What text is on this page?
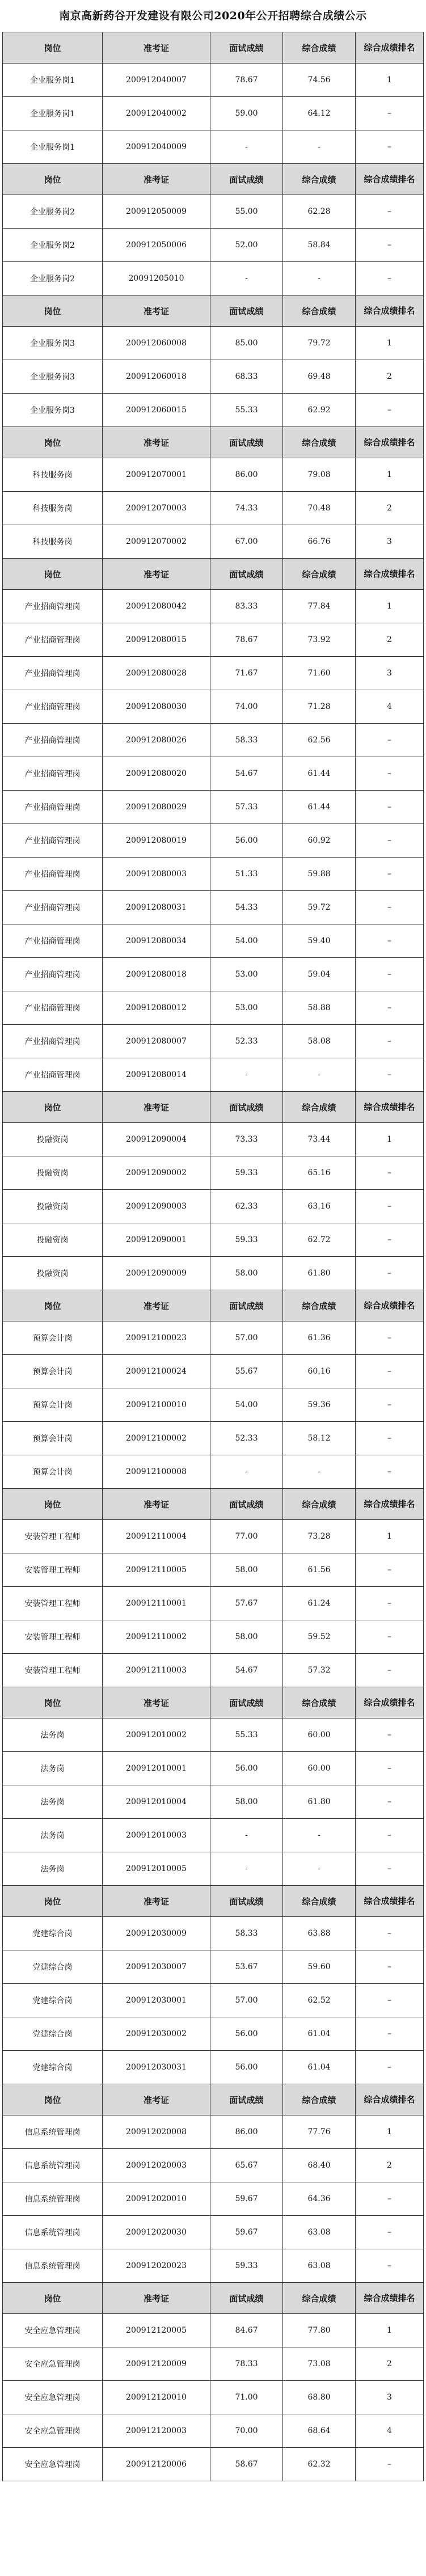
南京高新药谷开发建设有限公司2020年公开招聘综合成绩公示
岗位	准考证	面试成绩	综合成绩	综合成绩排名
企业服务岗1	200912040007	78.67	74.56	1
企业服务岗1	200912040002	59.00	64.12	–
企业服务岗1	200912040009	-	-	–
岗位	准考证	面试成绩	综合成绩	综合成绩排名
企业服务岗2	200912050009	55.00	62.28	–
企业服务岗2	200912050006	52.00	58.84	–
企业服务岗2	20091205010	-	-	–
岗位	准考证	面试成绩	综合成绩	综合成绩排名
企业服务岗3	200912060008	85.00	79.72	1
企业服务岗3	200912060018	68.33	69.48	2
企业服务岗3	200912060015	55.33	62.92	–
岗位	准考证	面试成绩	综合成绩	综合成绩排名
科技服务岗	200912070001	86.00	79.08	1
科技服务岗	200912070003	74.33	70.48	2
科技服务岗	200912070002	67.00	66.76	3
岗位	准考证	面试成绩	综合成绩	综合成绩排名
产业招商管理岗	200912080042	83.33	77.84	1
产业招商管理岗	200912080015	78.67	73.92	2
产业招商管理岗	200912080028	71.67	71.60	3
产业招商管理岗	200912080030	74.00	71.28	4
产业招商管理岗	200912080026	58.33	62.56	–
产业招商管理岗	200912080020	54.67	61.44	–
产业招商管理岗	200912080029	57.33	61.44	–
产业招商管理岗	200912080019	56.00	60.92	–
产业招商管理岗	200912080003	51.33	59.88	–
产业招商管理岗	200912080031	54.33	59.72	–
产业招商管理岗	200912080034	54.00	59.40	–
产业招商管理岗	200912080018	53.00	59.04	–
产业招商管理岗	200912080012	53.00	58.88	–
产业招商管理岗	200912080007	52.33	58.08	–
产业招商管理岗	200912080014	-	-	–
岗位	准考证	面试成绩	综合成绩	综合成绩排名
投融资岗	200912090004	73.33	73.44	1
投融资岗	200912090002	59.33	65.16	–
投融资岗	200912090003	62.33	63.16	–
投融资岗	200912090001	59.33	62.72	–
投融资岗	200912090009	58.00	61.80	–
岗位	准考证	面试成绩	综合成绩	综合成绩排名
预算会计岗	200912100023	57.00	61.36	–
预算会计岗	200912100024	55.67	60.16	–
预算会计岗	200912100010	54.00	59.36	–
预算会计岗	200912100002	52.33	58.12	–
预算会计岗	200912100008	-	-	–
岗位	准考证	面试成绩	综合成绩	综合成绩排名
安装管理工程师	200912110004	77.00	73.28	1
安装管理工程师	200912110005	58.00	61.56	–
安装管理工程师	200912110001	57.67	61.24	–
安装管理工程师	200912110002	58.00	59.52	–
安装管理工程师	200912110003	54.67	57.32	–
岗位	准考证	面试成绩	综合成绩	综合成绩排名
法务岗	200912010002	55.33	60.00	–
法务岗	200912010001	56.00	60.00	–
法务岗	200912010004	58.00	61.80	–
法务岗	200912010003	-	-	–
法务岗	200912010005	-	-	–
岗位	准考证	面试成绩	综合成绩	综合成绩排名
党建综合岗	200912030009	58.33	63.88	–
党建综合岗	200912030007	53.67	59.60	–
党建综合岗	200912030001	57.00	62.52	–
党建综合岗	200912030002	56.00	61.04	–
党建综合岗	200912030031	56.00	61.04	–
岗位	准考证	面试成绩	综合成绩	综合成绩排名
信息系统管理岗	200912020008	86.00	77.76	1
信息系统管理岗	200912020003	65.67	68.40	2
信息系统管理岗	200912020010	59.67	64.36	–
信息系统管理岗	200912020030	59.67	63.08	–
信息系统管理岗	200912020023	59.33	63.08	–
岗位	准考证	面试成绩	综合成绩	综合成绩排名
安全应急管理岗	200912120005	84.67	77.80	1
安全应急管理岗	200912120009	78.33	73.08	2
安全应急管理岗	200912120010	71.00	68.80	3
安全应急管理岗	200912120003	70.00	68.64	4
安全应急管理岗	200912120006	58.67	62.32	–
